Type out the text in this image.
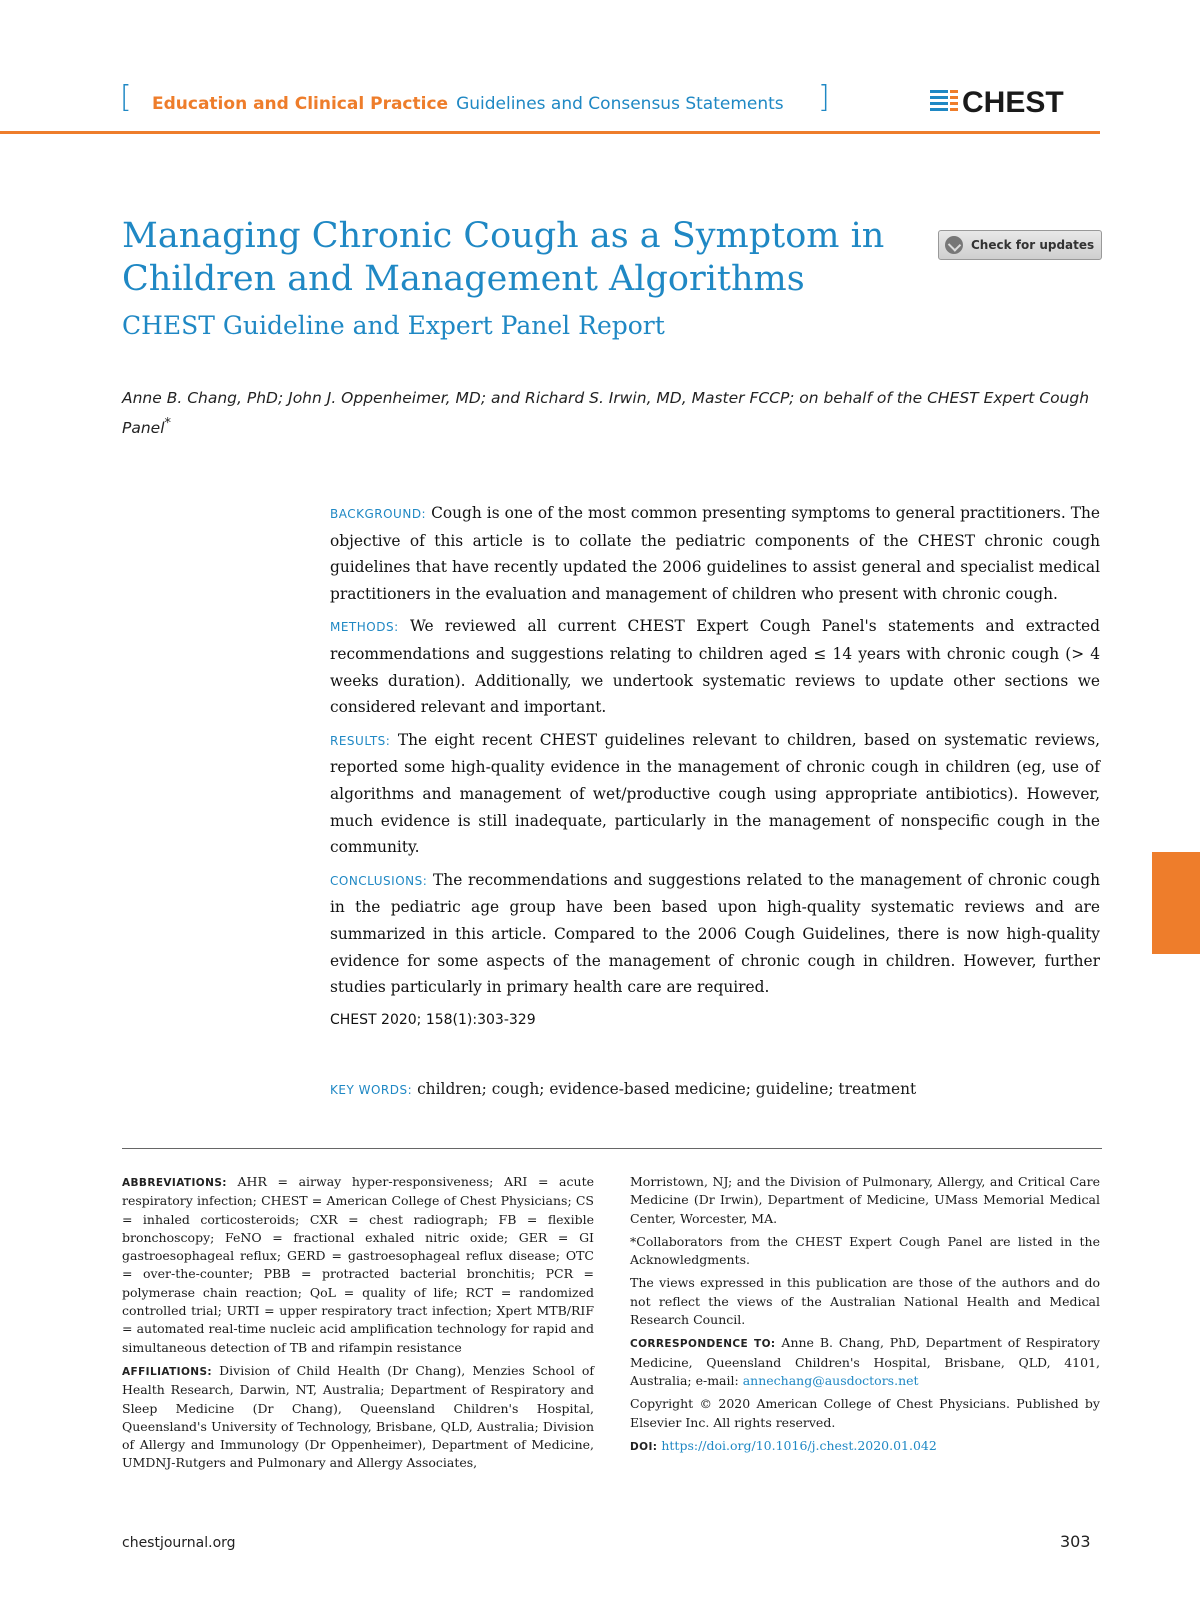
[ Education and Clinical Practice Guidelines and Consensus Statements ]	CHEST
Managing Chronic Cough as a Symptom in Children and Management Algorithms
Check for updates
CHEST Guideline and Expert Panel Report
Anne B. Chang, PhD; John J. Oppenheimer, MD; and Richard S. Irwin, MD, Master FCCP; on behalf of the CHEST Expert Cough Panel*

BACKGROUND: Cough is one of the most common presenting symptoms to general practitioners. The objective of this article is to collate the pediatric components of the CHEST chronic cough guidelines that have recently updated the 2006 guidelines to assist general and specialist medical practitioners in the evaluation and management of children who present with chronic cough.

METHODS: We reviewed all current CHEST Expert Cough Panel's statements and extracted recommendations and suggestions relating to children aged ≤ 14 years with chronic cough (> 4 weeks duration). Additionally, we undertook systematic reviews to update other sections we considered relevant and important.

RESULTS: The eight recent CHEST guidelines relevant to children, based on systematic reviews, reported some high-quality evidence in the management of chronic cough in children (eg, use of algorithms and management of wet/productive cough using appropriate antibiotics). However, much evidence is still inadequate, particularly in the management of nonspecific cough in the community.

CONCLUSIONS: The recommendations and suggestions related to the management of chronic cough in the pediatric age group have been based upon high-quality systematic reviews and are summarized in this article. Compared to the 2006 Cough Guidelines, there is now high-quality evidence for some aspects of the management of chronic cough in children. However, further studies particularly in primary health care are required.

CHEST 2020; 158(1):303-329

KEY WORDS: children; cough; evidence-based medicine; guideline; treatment

ABBREVIATIONS: AHR = airway hyper-responsiveness; ARI = acute respiratory infection; CHEST = American College of Chest Physicians; CS = inhaled corticosteroids; CXR = chest radiograph; FB = flexible bronchoscopy; FeNO = fractional exhaled nitric oxide; GER = GI gastroesophageal reflux; GERD = gastroesophageal reflux disease; OTC = over-the-counter; PBB = protracted bacterial bronchitis; PCR = polymerase chain reaction; QoL = quality of life; RCT = randomized controlled trial; URTI = upper respiratory tract infection; Xpert MTB/RIF = automated real-time nucleic acid amplification technology for rapid and simultaneous detection of TB and rifampin resistance

AFFILIATIONS: Division of Child Health (Dr Chang), Menzies School of Health Research, Darwin, NT, Australia; Department of Respiratory and Sleep Medicine (Dr Chang), Queensland Children's Hospital, Queensland's University of Technology, Brisbane, QLD, Australia; Division of Allergy and Immunology (Dr Oppenheimer), Department of Medicine, UMDNJ-Rutgers and Pulmonary and Allergy Associates,

Morristown, NJ; and the Division of Pulmonary, Allergy, and Critical Care Medicine (Dr Irwin), Department of Medicine, UMass Memorial Medical Center, Worcester, MA.

*Collaborators from the CHEST Expert Cough Panel are listed in the Acknowledgments.

The views expressed in this publication are those of the authors and do not reflect the views of the Australian National Health and Medical Research Council.

CORRESPONDENCE TO: Anne B. Chang, PhD, Department of Respiratory Medicine, Queensland Children's Hospital, Brisbane, QLD, 4101, Australia; e-mail: annechang@ausdoctors.net

Copyright © 2020 American College of Chest Physicians. Published by Elsevier Inc. All rights reserved.

DOI: https://doi.org/10.1016/j.chest.2020.01.042

chestjournal.org	303
